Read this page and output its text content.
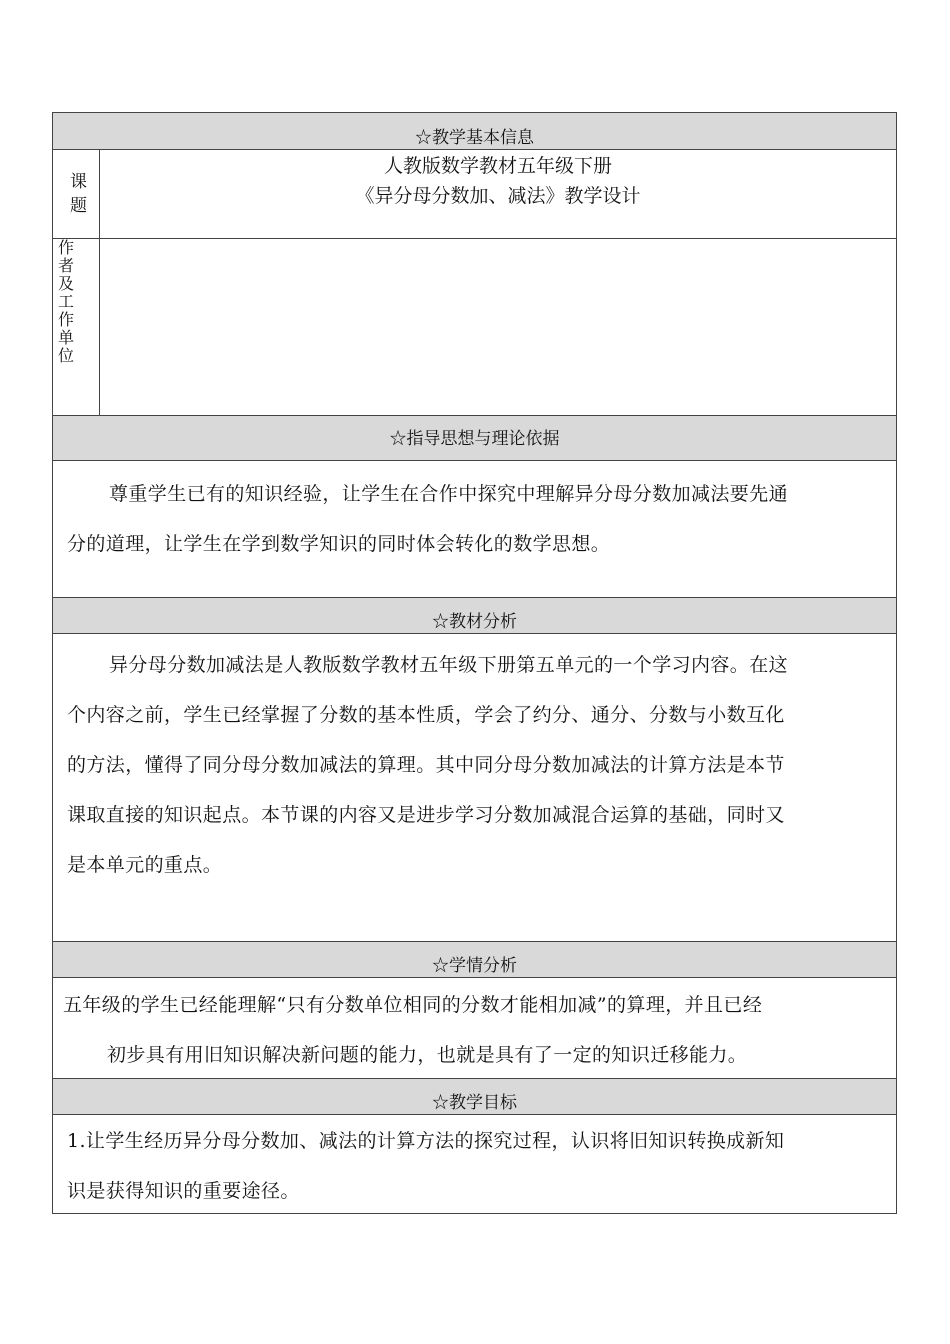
☆教学基本信息
课题
人教版数学教材五年级下册
《异分母分数加、减法》教学设计
作者及工作单位
☆指导思想与理论依据
尊重学生已有的知识经验，让学生在合作中探究中理解异分母分数加减法要先通
分的道理，让学生在学到数学知识的同时体会转化的数学思想。
☆教材分析
异分母分数加减法是人教版数学教材五年级下册第五单元的一个学习内容。在这
个内容之前，学生已经掌握了分数的基本性质，学会了约分、通分、分数与小数互化
的方法，懂得了同分母分数加减法的算理。其中同分母分数加减法的计算方法是本节
课取直接的知识起点。本节课的内容又是进步学习分数加减混合运算的基础，同时又
是本单元的重点。
☆学情分析
五年级的学生已经能理解“只有分数单位相同的分数才能相加减”的算理，并且已经
初步具有用旧知识解决新问题的能力，也就是具有了一定的知识迁移能力。
☆教学目标
1.让学生经历异分母分数加、减法的计算方法的探究过程，认识将旧知识转换成新知
识是获得知识的重要途径。
